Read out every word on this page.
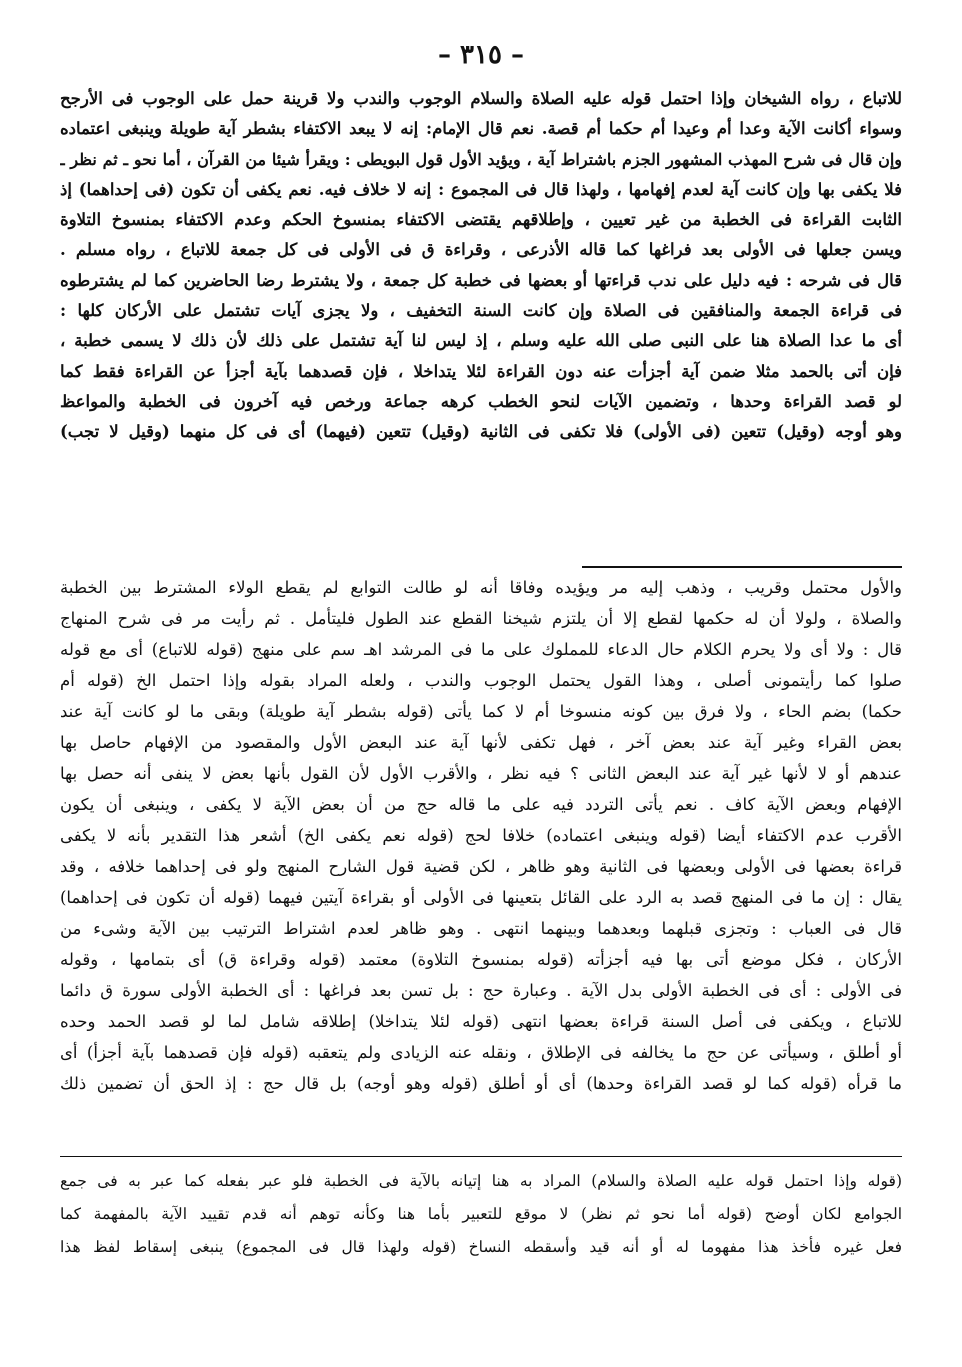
– ٣١٥ –
للاتباع ، رواه الشيخان وإذا احتمل قوله عليه الصلاة والسلام الوجوب والندب ولا قرينة حمل على الوجوب فى الأرجح
وسواء أكانت الآية وعدا أم وعيدا أم حكما أم قصة. نعم قال الإمام: إنه لا يبعد الاكتفاء بشطر آية طويلة وينبغى اعتماده
وإن قال فى شرح المهذب المشهور الجزم باشتراط آية ، ويؤيد الأول قول البويطى : ويقرأ شيئا من القرآن ، أما نحو ـ ثم نظر ـ
فلا يكفى بها وإن كانت آية لعدم إفهامها ، ولهذا قال فى المجموع : إنه لا خلاف فيه. نعم يكفى أن تكون (فى إحداهما) إذ
الثابت القراءة فى الخطبة من غير تعيين ، وإطلاقهم يقتضى الاكتفاء بمنسوخ الحكم وعدم الاكتفاء بمنسوخ التلاوة
ويسن جعلها فى الأولى بعد فراغها كما قاله الأذرعى ، وقراءة ق فى الأولى فى كل جمعة للاتباع ، رواه مسلم .
قال فى شرحه : فيه دليل على ندب قراءتها أو بعضها فى خطبة كل جمعة ، ولا يشترط رضا الحاضرين كما لم يشترطوه
فى قراءة الجمعة والمنافقين فى الصلاة وإن كانت السنة التخفيف ، ولا يجزى آيات تشتمل على الأركان كلها :
أى ما عدا الصلاة هنا على النبى صلى الله عليه وسلم ، إذ ليس لنا آية تشتمل على ذلك لأن ذلك لا يسمى خطبة ،
فإن أتى بالحمد مثلا ضمن آية أجزأت عنه دون القراءة لئلا يتداخلا ، فإن قصدهما بآية أجزأ عن القراءة فقط كما
لو قصد القراءة وحدها ، وتضمين الآيات لنحو الخطب كرهه جماعة ورخص فيه آخرون فى الخطبة والمواعظ
وهو أوجه (وقيل) تتعين (فى الأولى) فلا تكفى فى الثانية (وقيل) تتعين (فيهما) أى فى كل منهما (وقيل لا تجب)
والأول محتمل وقريب ، وذهب إليه مر ويؤيده وفاقا أنه لو طالت التوابع لم يقطع الولاء المشترط بين الخطبة
والصلاة ، ولولا أن له حكمها لقطع إلا أن يلتزم شيخنا القطع عند الطول فليتأمل . ثم رأيت مر فى شرح المنهاج
قال : ولا أى ولا يحرم الكلام حال الدعاء للمملوك على ما فى المرشد اهـ سم على منهج (قوله للاتباع) أى مع قوله
صلوا كما رأيتمونى أصلى ، وهذا القول يحتمل الوجوب والندب ، ولعله المراد بقوله وإذا احتمل الخ (قوله أم
حكما) بضم الحاء ، ولا فرق بين كونه منسوخا أم لا كما يأتى (قوله بشطر آية طويلة) وبقى ما لو كانت آية عند
بعض القراء وغير آية عند بعض آخر ، فهل تكفى لأنها آية عند البعض الأول والمقصود من الإفهام حاصل بها
عندهم أو لا لأنها غير آية عند البعض الثانى ؟ فيه نظر ، والأقرب الأول لأن القول بأنها بعض لا ينفى أنه حصل بها
الإفهام وبعض الآية كاف . نعم يأتى التردد فيه على ما قاله حج من أن بعض الآية لا يكفى ، وينبغى أن يكون
الأقرب عدم الاكتفاء أيضا (قوله وينبغى اعتماده) خلافا لحج (قوله نعم يكفى الخ) أشعر هذا التقدير بأنه لا يكفى
قراءة بعضها فى الأولى وبعضها فى الثانية وهو ظاهر ، لكن قضية قول الشارح المنهج ولو فى إحداهما خلافه ، وقد
يقال : إن ما فى المنهج قصد به الرد على القائل بتعينها فى الأولى أو بقراءة آيتين فيهما (قوله أن تكون فى إحداهما)
قال فى العباب : وتجزى قبلهما وبعدهما وبينهما انتهى . وهو ظاهر لعدم اشتراط الترتيب بين الآية وشىء من
الأركان ، فكل موضع أتى بها فيه أجزأته (قوله بمنسوخ التلاوة) معتمد (قوله وقراءة ق) أى بتمامها ، وقوله
فى الأولى : أى فى الخطبة الأولى بدل الآية . وعبارة حج : بل تسن بعد فراغها : أى الخطبة الأولى سورة ق دائما
للاتباع ، ويكفى فى أصل السنة قراءة بعضها انتهى (قوله لئلا يتداخلا) إطلاقه شامل لما لو قصد الحمد وحده
أو أطلق ، وسيأتى عن حج ما يخالفه فى الإطلاق ، ونقله عنه الزيادى ولم يتعقبه (قوله فإن قصدهما بآية أجزأ) أى
ما قرأه (قوله كما لو قصد القراءة وحدها) أى أو أطلق (قوله وهو أوجه) بل قال حج : إذ الحق أن تضمين ذلك
(قوله وإذا احتمل قوله عليه الصلاة والسلام) المراد به هنا إتيانه بالآية فى الخطبة فلو عبر بفعله كما عبر به فى جمع
الجوامع لكان أوضح (قوله أما نحو ثم نظر) لا موقع للتعبير بأما هنا وكأنه توهم أنه قدم تقييد الآية بالمفهمة كما
فعل غيره فأخذ هذا مفهوما له أو أنه قيد وأسقطه النساخ (قوله ولهذا قال فى المجموع) ينبغى إسقاط لفظ هذا
